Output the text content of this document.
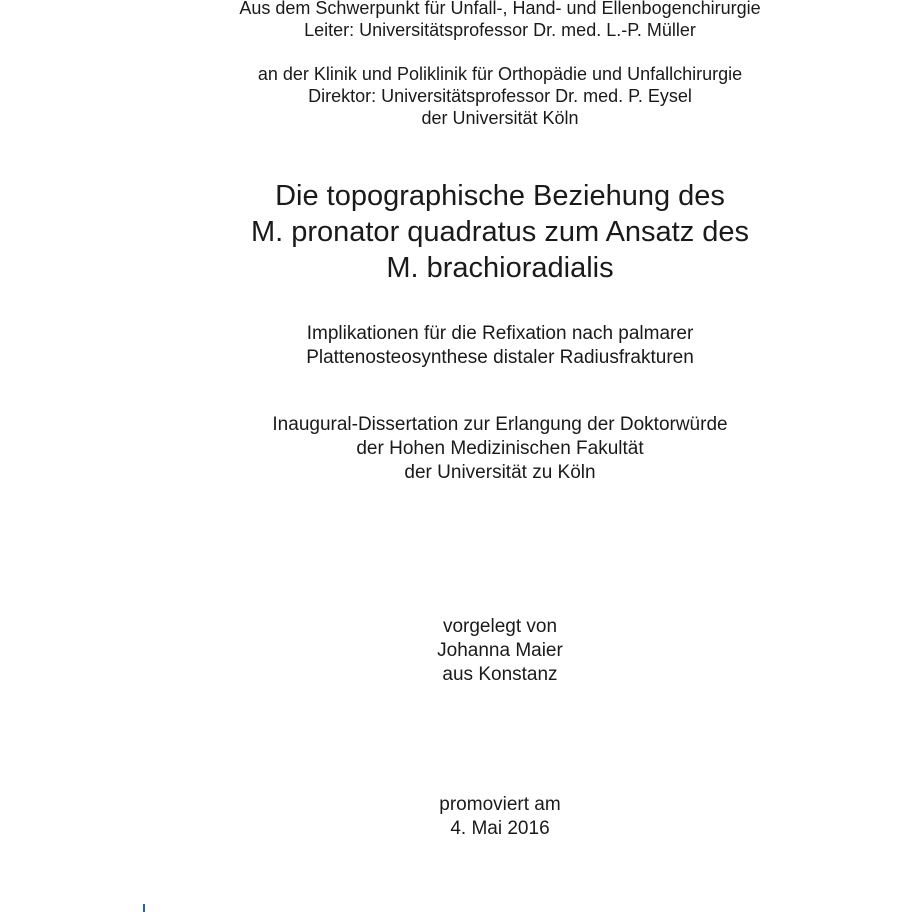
Aus dem Schwerpunkt für Unfall-, Hand- und Ellenbogenchirurgie
Leiter: Universitätsprofessor Dr. med. L.-P. Müller
an der Klinik und Poliklinik für Orthopädie und Unfallchirurgie
Direktor: Universitätsprofessor Dr. med. P. Eysel
der Universität Köln
Die topographische Beziehung des
M. pronator quadratus zum Ansatz des
M. brachioradialis
Implikationen für die Refixation nach palmarer
Plattenosteosynthese distaler Radiusfrakturen
Inaugural-Dissertation zur Erlangung der Doktorwürde
der Hohen Medizinischen Fakultät
der Universität zu Köln
vorgelegt von
Johanna Maier
aus Konstanz
promoviert am
4. Mai 2016
